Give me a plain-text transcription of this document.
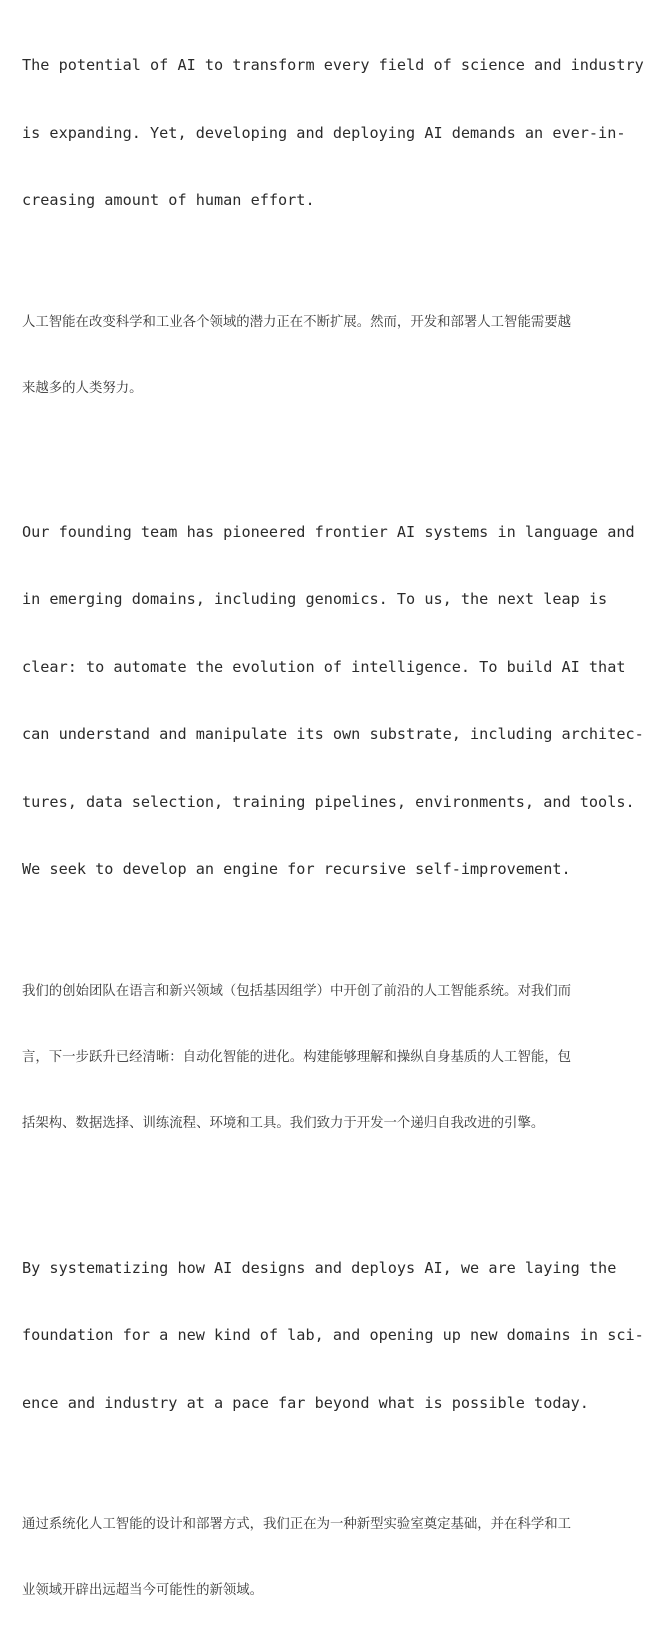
The potential of AI to transform every field of science and industry

is expanding. Yet, developing and deploying AI demands an ever-in-

creasing amount of human effort.

人工智能在改变科学和工业各个领域的潜力正在不断扩展。然而，开发和部署人工智能需要越

来越多的人类努力。

Our founding team has pioneered frontier AI systems in language and

in emerging domains, including genomics. To us, the next leap is

clear: to automate the evolution of intelligence. To build AI that

can understand and manipulate its own substrate, including architec-

tures, data selection, training pipelines, environments, and tools.

We seek to develop an engine for recursive self-improvement.

我们的创始团队在语言和新兴领域（包括基因组学）中开创了前沿的人工智能系统。对我们而

言，下一步跃升已经清晰：自动化智能的进化。构建能够理解和操纵自身基质的人工智能，包

括架构、数据选择、训练流程、环境和工具。我们致力于开发一个递归自我改进的引擎。

By systematizing how AI designs and deploys AI, we are laying the

foundation for a new kind of lab, and opening up new domains in sci-

ence and industry at a pace far beyond what is possible today.

通过系统化人工智能的设计和部署方式，我们正在为一种新型实验室奠定基础，并在科学和工

业领域开辟出远超当今可能性的新领域。
